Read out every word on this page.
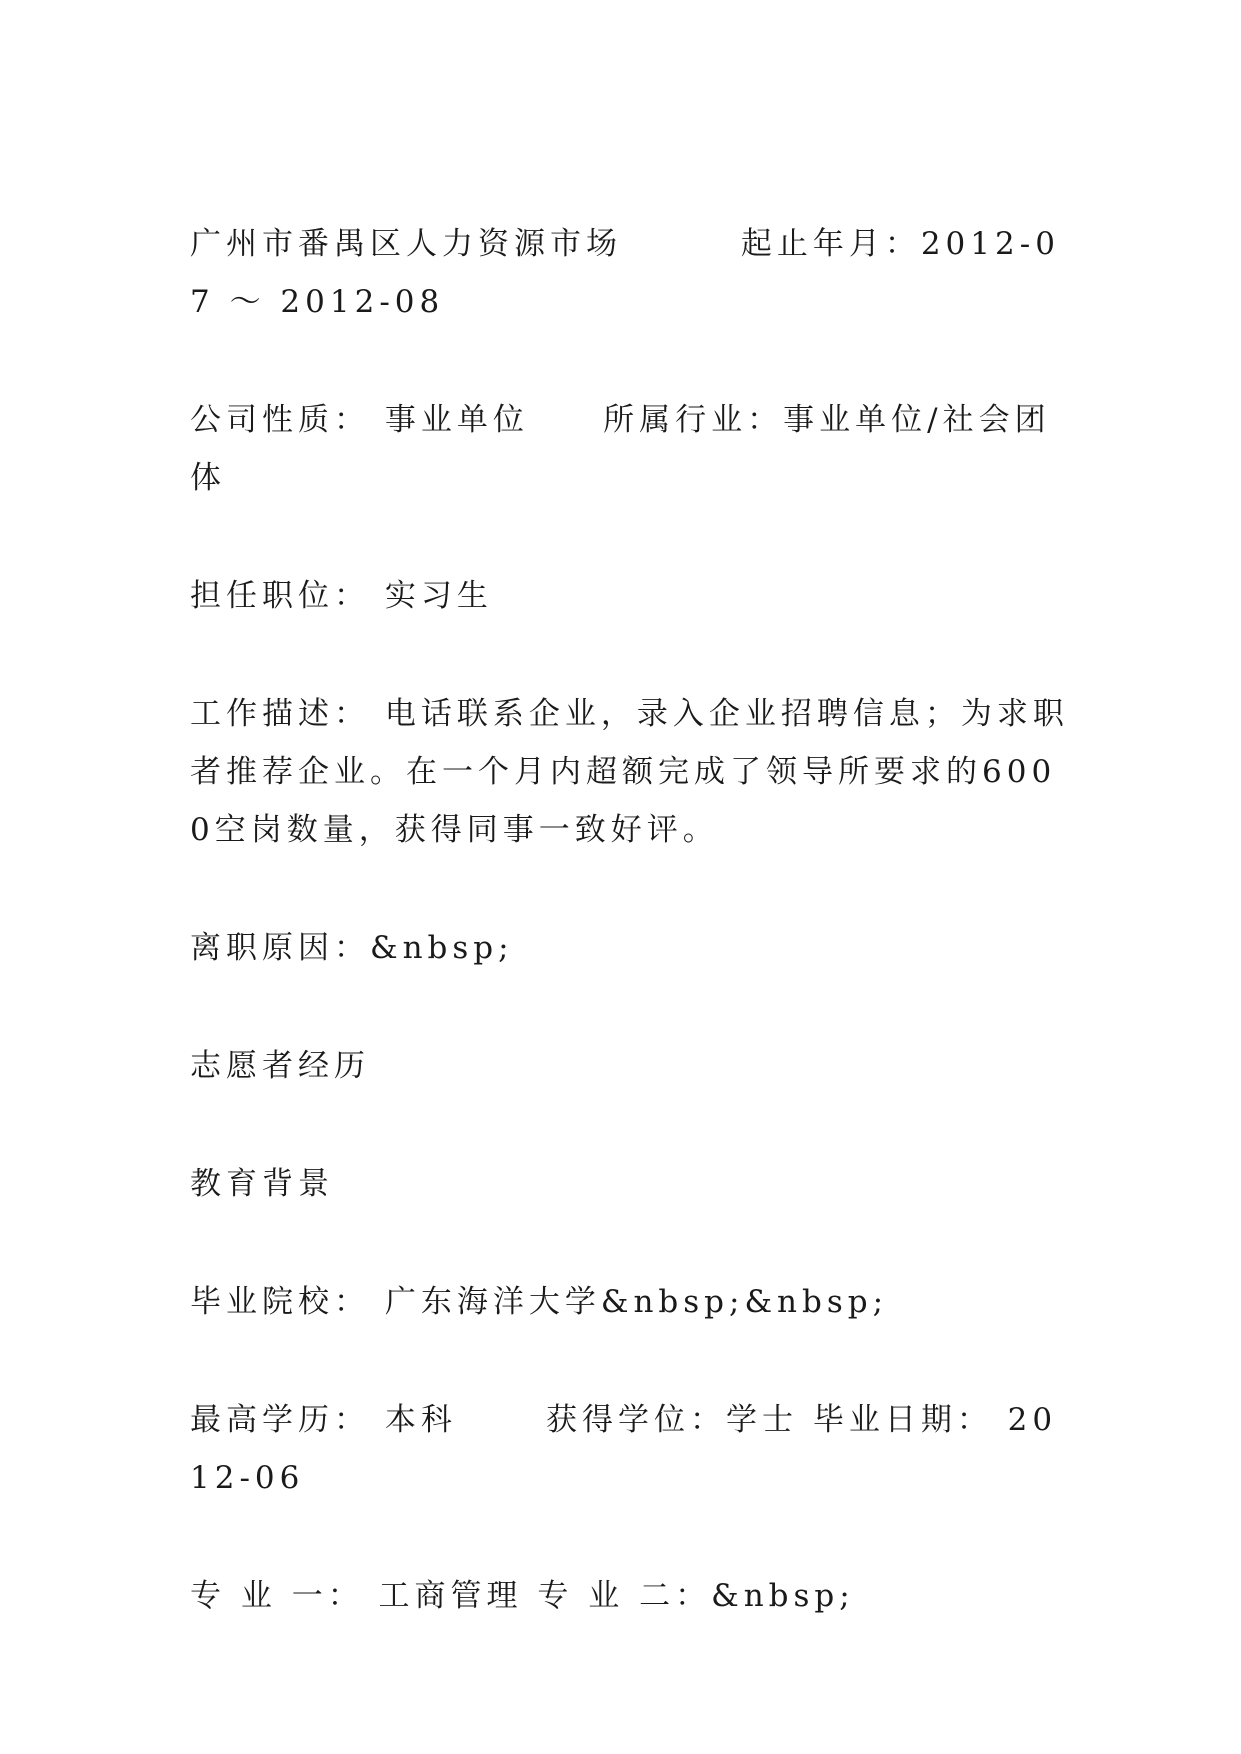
广州市番禺区人力资源市场        起止年月：2012-07 ～ 2012-08

公司性质： 事业单位     所属行业：事业单位/社会团体

担任职位： 实习生

工作描述： 电话联系企业，录入企业招聘信息；为求职者推荐企业。在一个月内超额完成了领导所要求的6000空岗数量，获得同事一致好评。

离职原因：&nbsp;

志愿者经历

教育背景

毕业院校： 广东海洋大学&nbsp;&nbsp;

最高学历： 本科      获得学位：学士 毕业日期： 2012-06

专 业 一： 工商管理 专 业 二：&nbsp;
